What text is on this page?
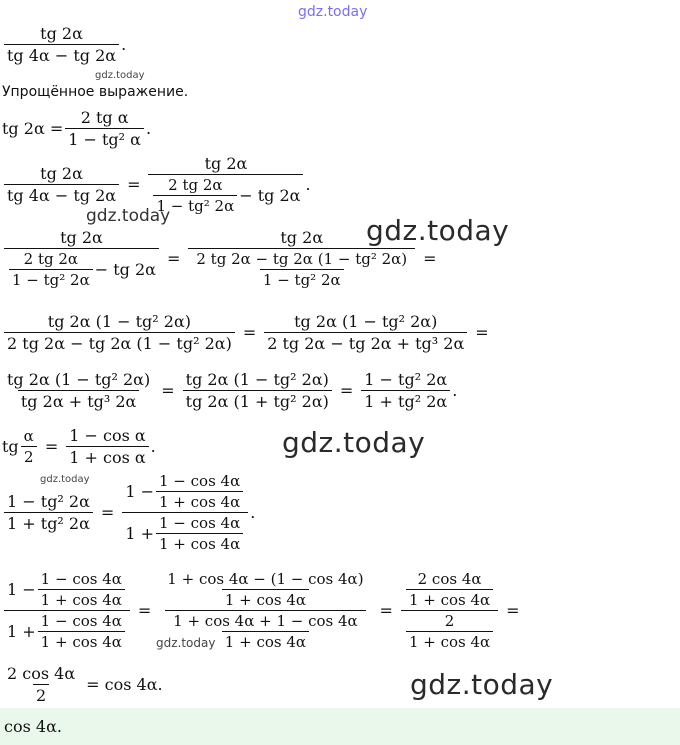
gdz.today
gdz.today
gdz.today	gdz.today
gdz.today
gdz.today
gdz.today
gdz.today
$\frac{tg 2\alpha}{tg 4\alpha - tg 2\alpha}$ .
Упрощённое выражение.
tg $2\alpha = \frac{\text{2 tg α}}{\text{1 − tg² α}}$ .
$\frac{tg 2\alpha}{tg 4\alpha - tg 2\alpha} = \frac{tg 2\alpha}{\frac{2 tg 2\alpha}{\text{1 − tg² 2α}} - tg 2\alpha}$ .
$\frac{tg 2\alpha}{\frac{2 tg 2\alpha}{\text{1 − tg² 2α}} - tg 2\alpha} = \frac{tg 2\alpha}{\frac{\text{2 tg 2α − tg 2α (1 − tg² 2α)}}{\text{1 − tg² 2α}}}$ =
$\frac{\text{tg 2α (1 − tg² 2α)}}{\text{2 tg 2α − tg 2α (1 − tg² 2α)}} = \frac{\text{tg 2α (1 − tg² 2α)}}{\text{2 tg 2α − tg 2α + tg³ 2α}}$ =
$\frac{\text{tg 2α (1 − tg² 2α)}}{\text{tg 2α + tg³ 2α}} = \frac{\text{tg 2α (1 − tg² 2α)}}{\text{tg 2α (1 + tg² 2α)}} = \frac{\text{1 − tg² 2α}}{\text{1 + tg² 2α}}$ .
tg $\frac{\alpha}{2} = \frac{\text{1 − cos α}}{\text{1 + cos α}}$ .
$\frac{\text{1 − tg² 2α}}{\text{1 + tg² 2α}} = \frac{1 - \frac{1 - \cos 4\alpha}{1 + \cos 4\alpha}}{1 + \frac{1 - \cos 4\alpha}{1 + \cos 4\alpha}}$ .
$\frac{1 - \frac{1 - \cos 4\alpha}{1 + \cos 4\alpha}}{1 + \frac{1 - \cos 4\alpha}{1 + \cos 4\alpha}} = \frac{\frac{1 + \cos 4\alpha - (1 - \cos 4\alpha)}{1 + \cos 4\alpha}}{\frac{1 + \cos 4\alpha + 1 - \cos 4\alpha}{1 + \cos 4\alpha}} = \frac{\frac{2 \cos 4\alpha}{1 + \cos 4\alpha}}{\frac{2}{1 + \cos 4\alpha}}$ =
$\frac{2 \cos 4\alpha}{2} = \cos 4\alpha$.
cos 4α.
